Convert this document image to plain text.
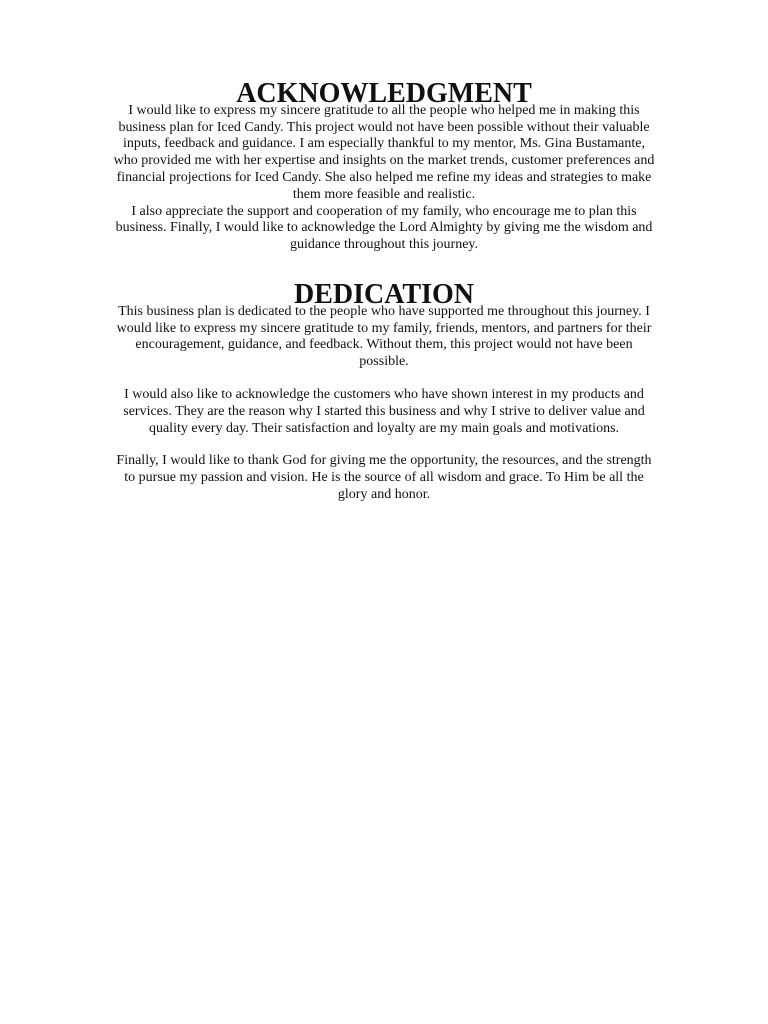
ACKNOWLEDGMENT

I would like to express my sincere gratitude to all the people who helped me in making this business plan for Iced Candy. This project would not have been possible without their valuable inputs, feedback and guidance. I am especially thankful to my mentor, Ms. Gina Bustamante, who provided me with her expertise and insights on the market trends, customer preferences and financial projections for Iced Candy. She also helped me refine my ideas and strategies to make them more feasible and realistic.

I also appreciate the support and cooperation of my family, who encourage me to plan this business. Finally, I would like to acknowledge the Lord Almighty by giving me the wisdom and guidance throughout this journey.

DEDICATION

This business plan is dedicated to the people who have supported me throughout this journey. I would like to express my sincere gratitude to my family, friends, mentors, and partners for their encouragement, guidance, and feedback. Without them, this project would not have been possible.

I would also like to acknowledge the customers who have shown interest in my products and services. They are the reason why I started this business and why I strive to deliver value and quality every day. Their satisfaction and loyalty are my main goals and motivations.

Finally, I would like to thank God for giving me the opportunity, the resources, and the strength to pursue my passion and vision. He is the source of all wisdom and grace. To Him be all the glory and honor.
